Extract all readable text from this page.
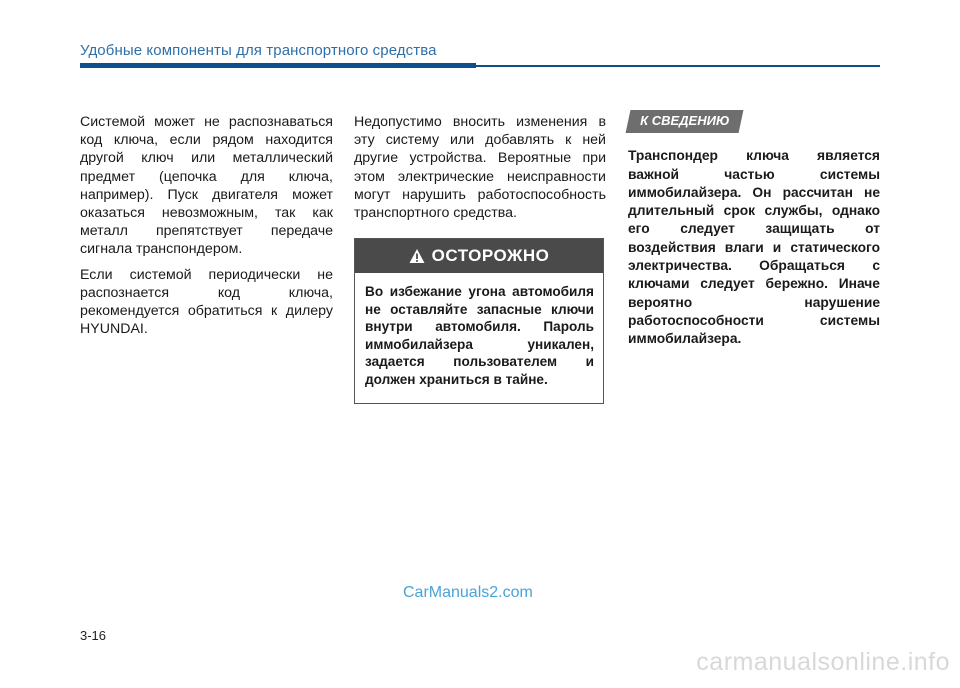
Удобные компоненты для транспортного средства

Системой может не распознаваться код ключа, если рядом находится другой ключ или металлический предмет (цепочка для ключа, например). Пуск двигателя может оказаться невозможным, так как металл препятствует передаче сигнала транспондером.

Если системой периодически не распознается код ключа, рекомендуется обратиться к дилеру HYUNDAI.

Недопустимо вносить изменения в эту систему или добавлять к ней другие устройства. Вероятные при этом электрические неисправности могут нарушить работоспособность транспортного средства.

ОСТОРОЖНО
Во избежание угона автомобиля не оставляйте запасные ключи внутри автомобиля. Пароль иммобилайзера уникален, задается пользователем и должен храниться в тайне.
К СВЕДЕНИЮ
Транспондер ключа является важной частью системы иммобилайзера. Он рассчитан не длительный срок службы, однако его следует защищать от воздействия влаги и статического электричества. Обращаться с ключами следует бережно. Иначе вероятно нарушение работоспособности системы иммобилайзера.
CarManuals2.com
3-16
carmanualsonline.info
